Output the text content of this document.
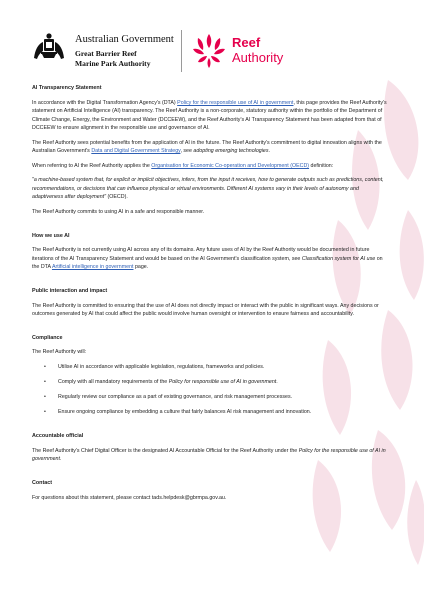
Australian Government
Great Barrier Reef
Marine Park Authority
Reef
Authority
AI Transparency Statement

In accordance with the Digital Transformation Agency's (DTA) Policy for the responsible use of AI in government, this page provides the Reef Authority's statement on Artificial Intelligence (AI) transparency. The Reef Authority is a non-corporate, statutory authority within the portfolio of the Department of Climate Change, Energy, the Environment and Water (DCCEEW), and the Reef Authority's AI Transparency Statement has been adapted from that of DCCEEW to ensure alignment in the responsible use and governance of AI.

The Reef Authority sees potential benefits from the application of AI in the future. The Reef Authority's commitment to digital innovation aligns with the Australian Government's Data and Digital Government Strategy, see adopting emerging technologies.

When referring to AI the Reef Authority applies the Organisation for Economic Co-operation and Development (OECD) definition:

"a machine-based system that, for explicit or implicit objectives, infers, from the input it receives, how to generate outputs such as predictions, content, recommendations, or decisions that can influence physical or virtual environments. Different AI systems vary in their levels of autonomy and adaptiveness after deployment" (OECD).

The Reef Authority commits to using AI in a safe and responsible manner.

How we use AI

The Reef Authority is not currently using AI across any of its domains. Any future uses of AI by the Reef Authority would be documented in future iterations of the AI Transparency Statement and would be based on the AI Government's classification system, see Classification system for AI use on the DTA Artificial intelligence in government page.

Public interaction and impact

The Reef Authority is committed to ensuring that the use of AI does not directly impact or interact with the public in significant ways. Any decisions or outcomes generated by AI that could affect the public would involve human oversight or intervention to ensure fairness and accountability.

Compliance

The Reef Authority will:

• Utilise AI in accordance with applicable legislation, regulations, frameworks and policies.
• Comply with all mandatory requirements of the Policy for responsible use of AI in government.
• Regularly review our compliance as a part of existing governance, and risk management processes.
• Ensure ongoing compliance by embedding a culture that fairly balances AI risk management and innovation.
Accountable official

The Reef Authority's Chief Digital Officer is the designated AI Accountable Official for the Reef Authority under the Policy for the responsible use of AI in government.

Contact

For questions about this statement, please contact tads.helpdesk@gbrmpa.gov.au.
